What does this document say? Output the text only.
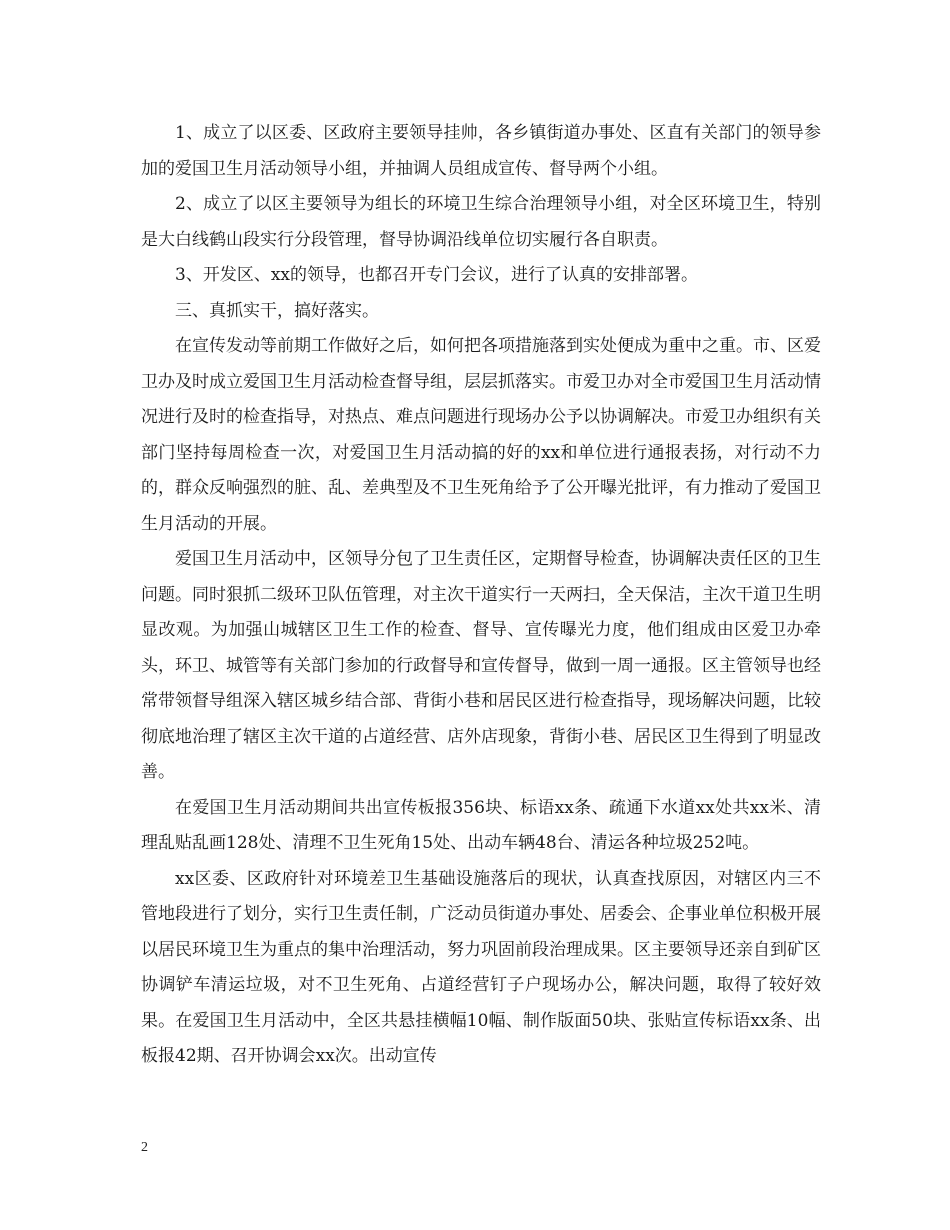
1、成立了以区委、区政府主要领导挂帅，各乡镇街道办事处、区直有关部门的领导参加的爱国卫生月活动领导小组，并抽调人员组成宣传、督导两个小组。

2、成立了以区主要领导为组长的环境卫生综合治理领导小组，对全区环境卫生，特别是大白线鹤山段实行分段管理，督导协调沿线单位切实履行各自职责。

3、开发区、xx的领导，也都召开专门会议，进行了认真的安排部署。

三、真抓实干，搞好落实。

在宣传发动等前期工作做好之后，如何把各项措施落到实处便成为重中之重。市、区爱卫办及时成立爱国卫生月活动检查督导组，层层抓落实。市爱卫办对全市爱国卫生月活动情况进行及时的检查指导，对热点、难点问题进行现场办公予以协调解决。市爱卫办组织有关部门坚持每周检查一次，对爱国卫生月活动搞的好的xx和单位进行通报表扬，对行动不力的，群众反响强烈的脏、乱、差典型及不卫生死角给予了公开曝光批评，有力推动了爱国卫生月活动的开展。

爱国卫生月活动中，区领导分包了卫生责任区，定期督导检查，协调解决责任区的卫生问题。同时狠抓二级环卫队伍管理，对主次干道实行一天两扫，全天保洁，主次干道卫生明显改观。为加强山城辖区卫生工作的检查、督导、宣传曝光力度，他们组成由区爱卫办牵头，环卫、城管等有关部门参加的行政督导和宣传督导，做到一周一通报。区主管领导也经常带领督导组深入辖区城乡结合部、背街小巷和居民区进行检查指导，现场解决问题，比较彻底地治理了辖区主次干道的占道经营、店外店现象，背街小巷、居民区卫生得到了明显改善。

在爱国卫生月活动期间共出宣传板报356块、标语xx条、疏通下水道xx处共xx米、清理乱贴乱画128处、清理不卫生死角15处、出动车辆48台、清运各种垃圾252吨。

xx区委、区政府针对环境差卫生基础设施落后的现状，认真查找原因，对辖区内三不管地段进行了划分，实行卫生责任制，广泛动员街道办事处、居委会、企事业单位积极开展以居民环境卫生为重点的集中治理活动，努力巩固前段治理成果。区主要领导还亲自到矿区协调铲车清运垃圾，对不卫生死角、占道经营钉子户现场办公，解决问题，取得了较好效果。在爱国卫生月活动中，全区共悬挂横幅10幅、制作版面50块、张贴宣传标语xx条、出板报42期、召开协调会xx次。出动宣传

2
